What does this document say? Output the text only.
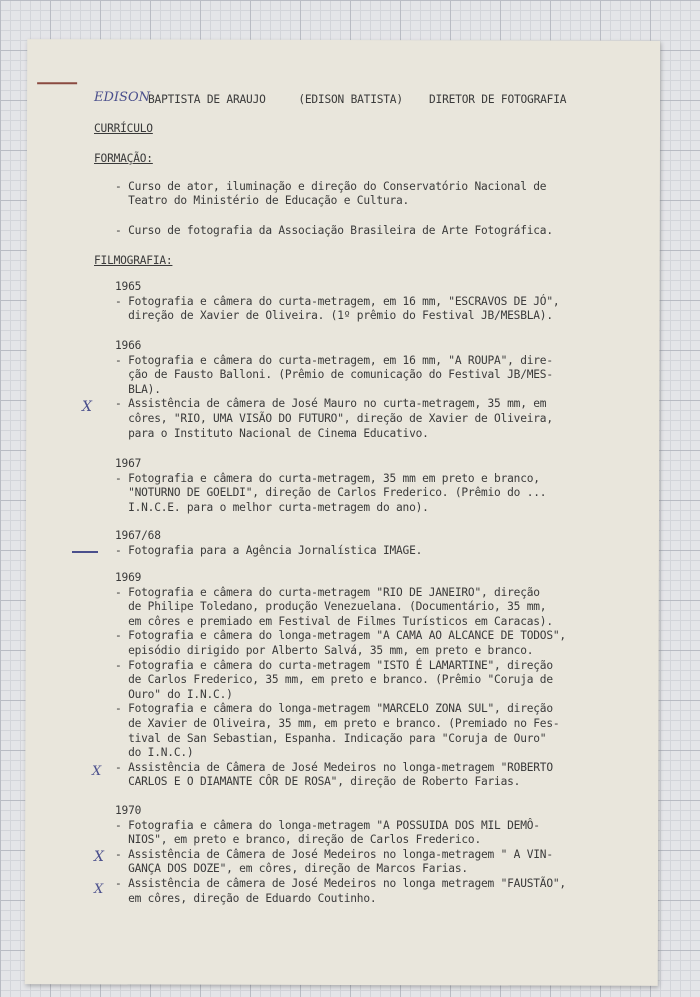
EDISON
BAPTISTA DE ARAUJO     (EDISON BATISTA)    DIRETOR DE FOTOGRAFIA
CURRÍCULO
FORMAÇÃO:
- Curso de ator, iluminação e direção do Conservatório Nacional de
Teatro do Ministério de Educação e Cultura.
- Curso de fotografia da Associação Brasileira de Arte Fotográfica.
FILMOGRAFIA:
1965
- Fotografia e câmera do curta-metragem, em 16 mm, "ESCRAVOS DE JÓ",
direção de Xavier de Oliveira. (1º prêmio do Festival JB/MESBLA).
1966
- Fotografia e câmera do curta-metragem, em 16 mm, "A ROUPA", dire-
ção de Fausto Balloni. (Prêmio de comunicação do Festival JB/MES-
BLA).
- Assistência de câmera de José Mauro no curta-metragem, 35 mm, em
côres, "RIO, UMA VISÃO DO FUTURO", direção de Xavier de Oliveira,
para o Instituto Nacional de Cinema Educativo.
1967
- Fotografia e câmera do curta-metragem, 35 mm em preto e branco,
"NOTURNO DE GOELDI", direção de Carlos Frederico. (Prêmio do ...
I.N.C.E. para o melhor curta-metragem do ano).
1967/68
- Fotografia para a Agência Jornalística IMAGE.
1969
- Fotografia e câmera do curta-metragem "RIO DE JANEIRO", direção
de Philipe Toledano, produção Venezuelana. (Documentário, 35 mm,
em côres e premiado em Festival de Filmes Turísticos em Caracas).
- Fotografia e câmera do longa-metragem "A CAMA AO ALCANCE DE TODOS",
episódio dirigido por Alberto Salvá, 35 mm, em preto e branco.
- Fotografia e câmera do curta-metragem "ISTO É LAMARTINE", direção
de Carlos Frederico, 35 mm, em preto e branco. (Prêmio "Coruja de
Ouro" do I.N.C.)
- Fotografia e câmera do longa-metragem "MARCELO ZONA SUL", direção
de Xavier de Oliveira, 35 mm, em preto e branco. (Premiado no Fes-
tival de San Sebastian, Espanha. Indicação para "Coruja de Ouro"
do I.N.C.)
- Assistência de Câmera de José Medeiros no longa-metragem "ROBERTO
CARLOS E O DIAMANTE CÔR DE ROSA", direção de Roberto Farias.
1970
- Fotografia e câmera do longa-metragem "A POSSUIDA DOS MIL DEMÔ-
NIOS", em preto e branco, direção de Carlos Frederico.
- Assistência de Câmera de José Medeiros no longa-metragem " A VIN-
GANÇA DOS DOZE", em côres, direção de Marcos Farias.
- Assistência de câmera de José Medeiros no longa metragem "FAUSTÃO",
em côres, direção de Eduardo Coutinho.
X
X
X
X
